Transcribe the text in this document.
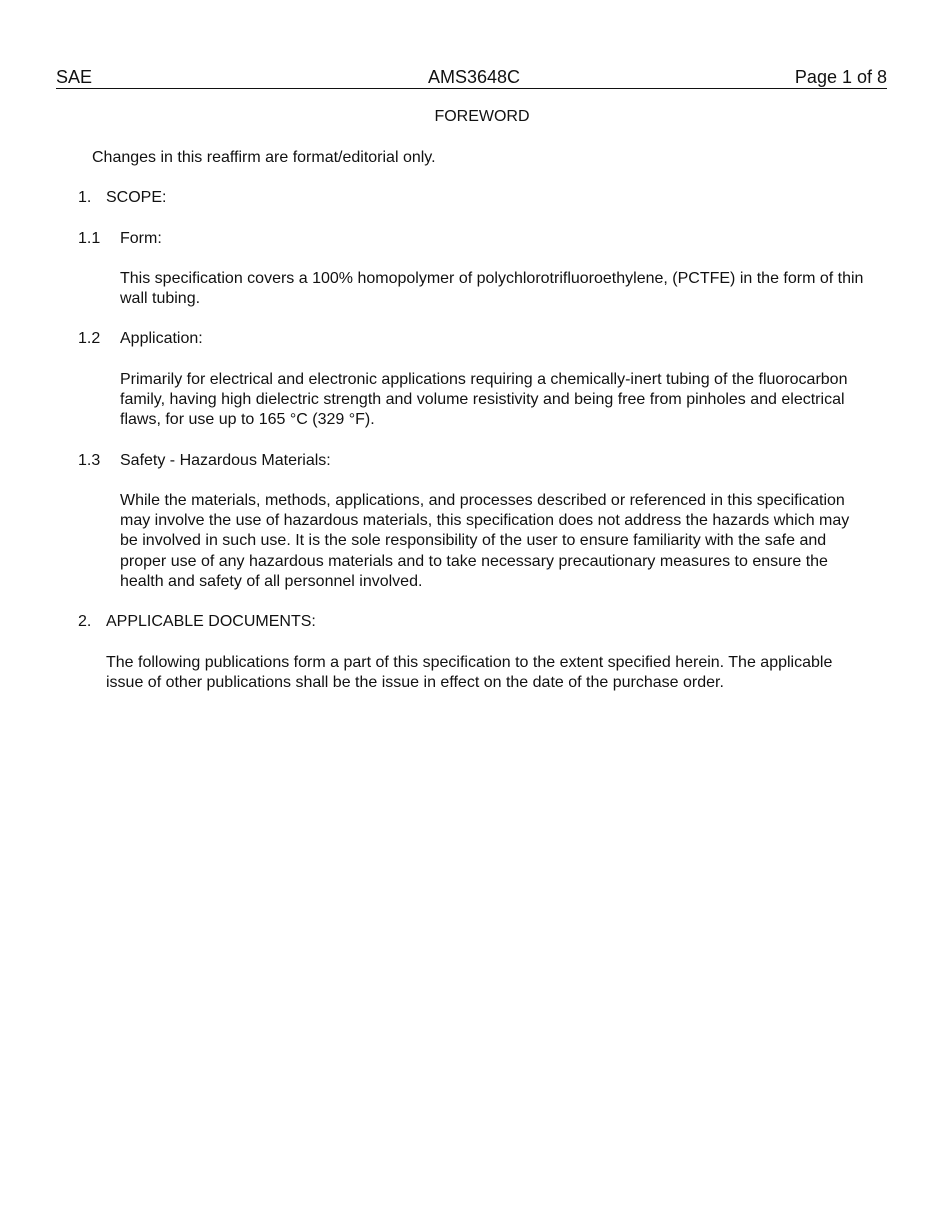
SAE	AMS3648C	Page 1 of 8
FOREWORD
Changes in this reaffirm are format/editorial only.
1. SCOPE:
1.1 Form:
This specification covers a 100% homopolymer of polychlorotrifluoroethylene, (PCTFE) in the form of thin wall tubing.
1.2 Application:
Primarily for electrical and electronic applications requiring a chemically-inert tubing of the fluorocarbon family, having high dielectric strength and volume resistivity and being free from pinholes and electrical flaws, for use up to 165 °C (329 °F).
1.3 Safety - Hazardous Materials:
While the materials, methods, applications, and processes described or referenced in this specification may involve the use of hazardous materials, this specification does not address the hazards which may be involved in such use. It is the sole responsibility of the user to ensure familiarity with the safe and proper use of any hazardous materials and to take necessary precautionary measures to ensure the health and safety of all personnel involved.
2. APPLICABLE DOCUMENTS:
The following publications form a part of this specification to the extent specified herein. The applicable issue of other publications shall be the issue in effect on the date of the purchase order.
